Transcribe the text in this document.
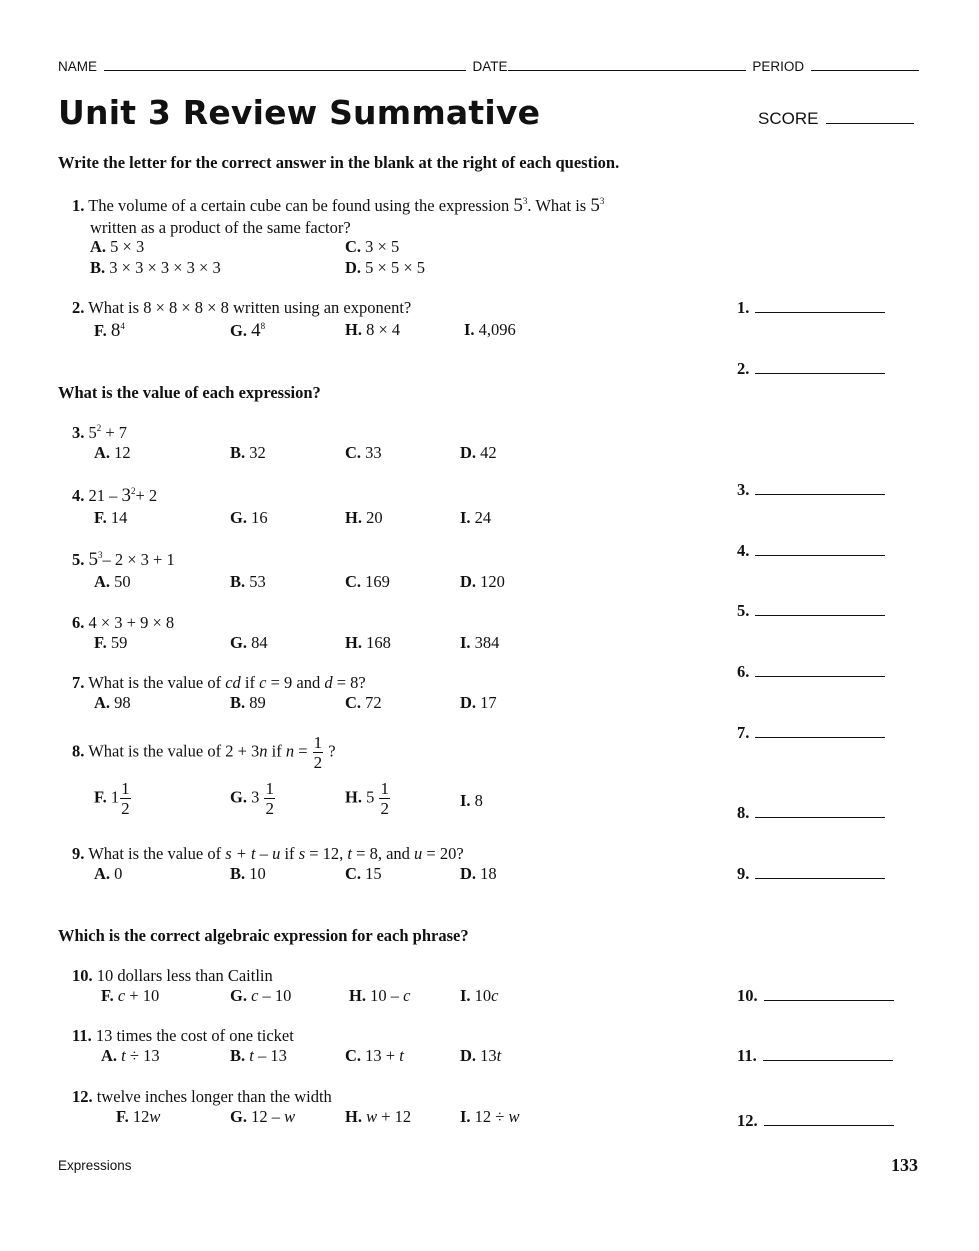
NAME	DATE	PERIOD
Unit 3 Review Summative	SCORE
Write the letter for the correct answer in the blank at the right of each question.
1. The volume of a certain cube can be found using the expression $5^3$. What is $5^3$
written as a product of the same factor?
A. 5 × 3	C. 3 × 5
B. 3 × 3 × 3 × 3 × 3	D. 5 × 5 × 5
2. What is 8 × 8 × 8 × 8 written using an exponent?
F. $8^4$	G. $4^8$	H. 8 × 4	I. 4,096
What is the value of each expression?
3. $5^2 + 7$
A. 12	B. 32	C. 33	D. 42
4. $21 - 3^2+ 2$
F. 14	G. 16	H. 20	I. 24
5. $5^3-$ 2 × 3 + 1
A. 50	B. 53	C. 169	D. 120
6. 4 × 3 + 9 × 8
F. 59	G. 84	H. 168	I. 384
7. What is the value of cd if c = 9 and d = 8?
A. 98	B. 89	C. 72	D. 17
8. What is the value of 2 + 3n if $n = \frac{1}{2}$ ?
F. $1 \frac{1}{2}$	G. $3 \frac{1}{2}$	H. $5 \frac{1}{2}$	I. 8
9. What is the value of s + t – u if s = 12, t = 8, and u = 20?
A. 0	B. 10	C. 15	D. 18
Which is the correct algebraic expression for each phrase?
10. 10 dollars less than Caitlin
F. c + 10	G. c – 10	H. 10 – c	I. 10c
11. 13 times the cost of one ticket
A. t ÷ 13	B. t – 13	C. 13 + t	D. 13t
12. twelve inches longer than the width
F. 12w	G. 12 – w	H. w + 12	I. 12 ÷ w
1.
2.
3.
4.
5.
6.
7.
8.
9.
10.
11.
12.
Expressions	133
